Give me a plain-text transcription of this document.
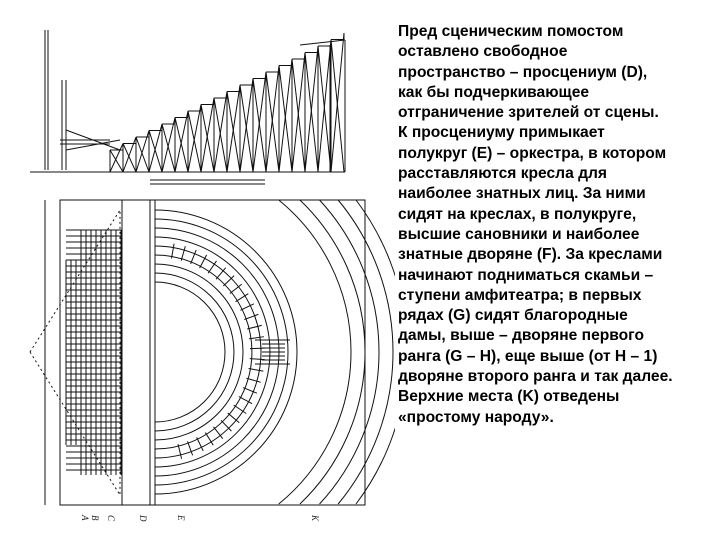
A B C D	E	K
Пред сценическим помостом
оставлено свободное
пространство – просцениум (D),
как бы подчеркивающее
отграничение зрителей от сцены.
К просцениуму примыкает
полукруг (E) – оркестра, в котором
расставляются кресла для
наиболее знатных лиц. За ними
сидят на креслах, в полукруге,
высшие сановники и наиболее
знатные дворяне (F). За креслами
начинают подниматься скамьи –
ступени амфитеатра; в первых
рядах (G) сидят благородные
дамы, выше – дворяне первого
ранга (G – H), еще выше (от H – 1)
дворяне второго ранга и так далее.
Верхние места (K) отведены
«простому народу».
